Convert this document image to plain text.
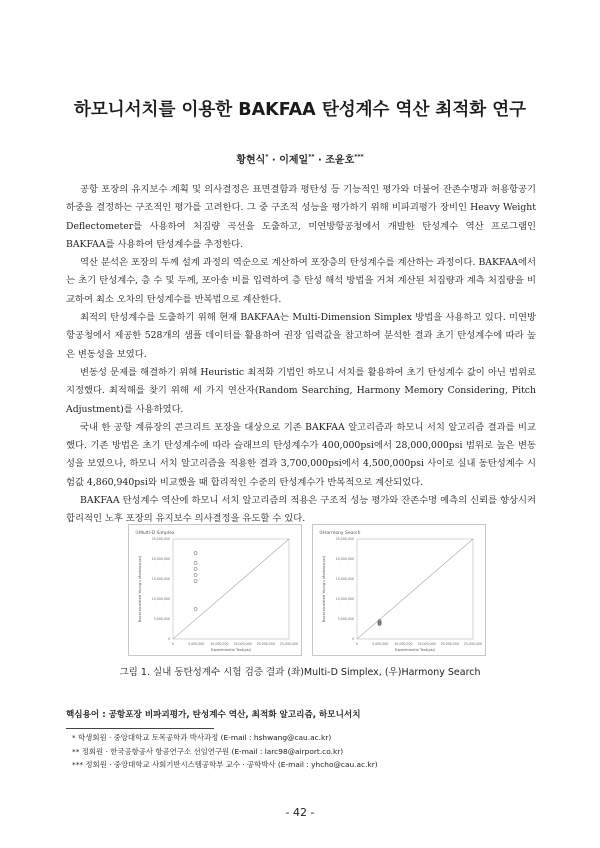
하모니서치를 이용한 BAKFAA 탄성계수 역산 최적화 연구
황현식* · 이제일** · 조윤호***

공항 포장의 유지보수 계획 및 의사결정은 표면결함과 평탄성 등 기능적인 평가와 더불어 잔존수명과 허용항공기 하중을 결정하는 구조적인 평가를 고려한다. 그 중 구조적 성능을 평가하기 위해 비파괴평가 장비인 Heavy Weight Deflectometer를 사용하여 처짐량 곡선을 도출하고, 미연방항공청에서 개발한 탄성계수 역산 프로그램인 BAKFAA를 사용하여 탄성계수를 추정한다.

역산 분석은 포장의 두께 설계 과정의 역순으로 계산하여 포장층의 탄성계수를 계산하는 과정이다. BAKFAA에서는 초기 탄성계수, 층 수 및 두께, 포아송 비를 입력하여 층 탄성 해석 방법을 거쳐 계산된 처짐량과 계측 처짐량을 비교하여 최소 오차의 탄성계수를 반복법으로 계산한다.

최적의 탄성계수를 도출하기 위해 현재 BAKFAA는 Multi-Dimension Simplex 방법을 사용하고 있다. 미연방항공청에서 제공한 528개의 샘플 데이터를 활용하여 권장 입력값을 참고하여 분석한 결과 초기 탄성계수에 따라 높은 변동성을 보였다.

변동성 문제를 해결하기 위해 Heuristic 최적화 기법인 하모니 서치를 활용하여 초기 탄성계수 값이 아닌 범위로 지정했다. 최적해를 찾기 위해 세 가지 연산자(Random Searching, Harmony Memory Considering, Pitch Adjustment)를 사용하였다.

국내 한 공항 계류장의 콘크리트 포장을 대상으로 기존 BAKFAA 알고리즘과 하모니 서치 알고리즘 결과를 비교했다. 기존 방법은 초기 탄성계수에 따라 슬래브의 탄성계수가 400,000psi에서 28,000,000psi 범위로 높은 변동성을 보였으나, 하모니 서치 알고리즘을 적용한 결과 3,700,000psi에서 4,500,000psi 사이로 실내 동탄성계수 시험값 4,860,940psi와 비교했을 때 합리적인 수준의 탄성계수가 반복적으로 계산되었다.

BAKFAA 탄성계수 역산에 하모니 서치 알고리즘의 적용은 구조적 성능 평가와 잔존수명 예측의 신뢰를 향상시켜 합리적인 노후 포장의 유지보수 의사결정을 유도할 수 있다.

①Multi-D Simplex
0	5,000,000 10,000,000 15,000,000 20,000,000 25,000,000
0
5,000,000
10,000,000
15,000,000
20,000,000
25,000,000
Experimental Test(psi)
Backcalculated Young's Modulus(psi)
②Harmony Search
0	5,000,000 10,000,000 15,000,000 20,000,000 25,000,000
0
5,000,000
10,000,000
15,000,000
20,000,000
25,000,000
Experimental Test(psi)
Backcalculated Young's Modulus(psi)
그림 1. 실내 동탄성계수 시험 검증 결과 (좌)Multi-D Simplex, (우)Harmony Search
핵심용어 : 공항포장 비파괴평가, 탄성계수 역산, 최적화 알고리즘, 하모니서치
* 학생회원 · 중앙대학교 토목공학과 박사과정 (E-mail : hshwang@cau.ac.kr)
** 정회원 · 한국공항공사 항공연구소 선임연구원 (E-mail : larc98@airport.co.kr)
*** 정회원 · 중앙대학교 사회기반시스템공학부 교수 · 공학박사 (E-mail : yhcho@cau.ac.kr)
- 42 -
